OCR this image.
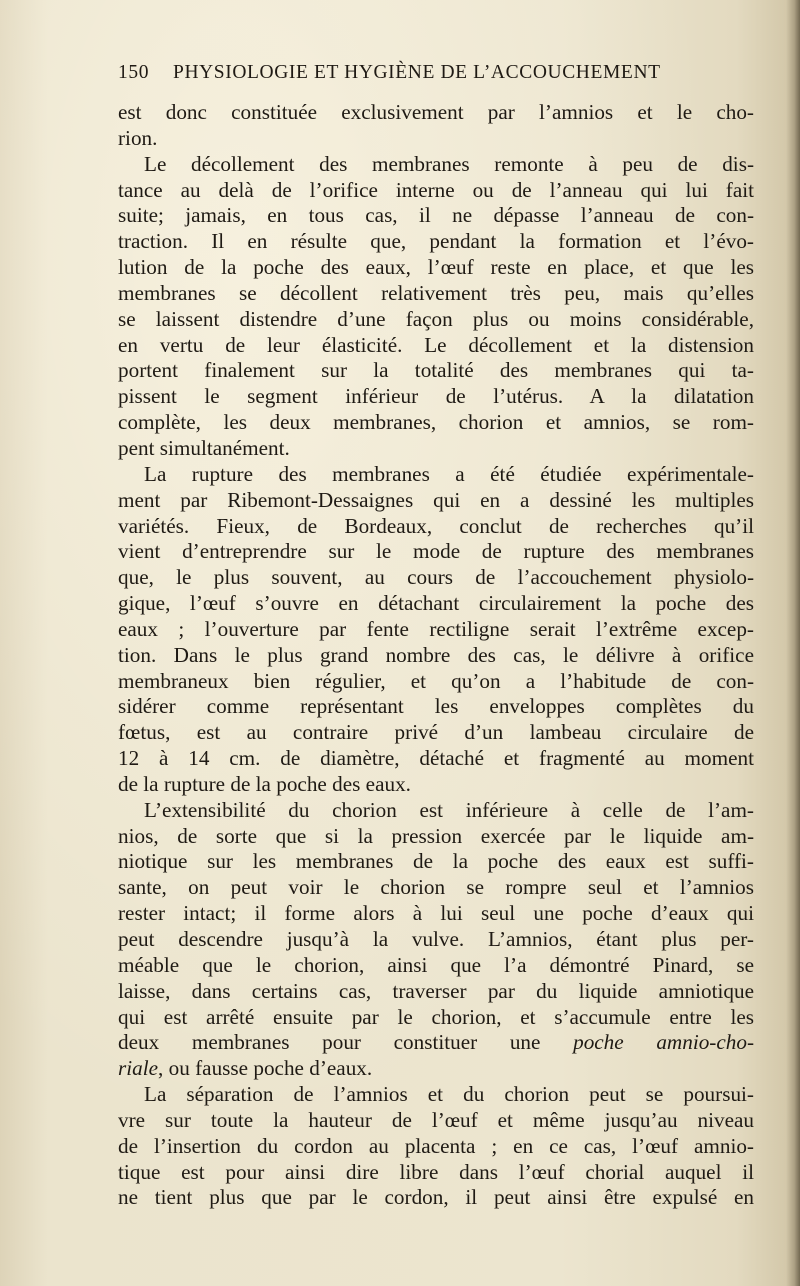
150 PHYSIOLOGIE ET HYGIÈNE DE L’ACCOUCHEMENT
est donc constituée exclusivement par l’amnios et le cho-
rion.
Le décollement des membranes remonte à peu de dis-
tance au delà de l’orifice interne ou de l’anneau qui lui fait
suite; jamais, en tous cas, il ne dépasse l’anneau de con-
traction. Il en résulte que, pendant la formation et l’évo-
lution de la poche des eaux, l’œuf reste en place, et que les
membranes se décollent relativement très peu, mais qu’elles
se laissent distendre d’une façon plus ou moins considérable,
en vertu de leur élasticité. Le décollement et la distension
portent finalement sur la totalité des membranes qui ta-
pissent le segment inférieur de l’utérus. A la dilatation
complète, les deux membranes, chorion et amnios, se rom-
pent simultanément.
La rupture des membranes a été étudiée expérimentale-
ment par Ribemont-Dessaignes qui en a dessiné les multiples
variétés. Fieux, de Bordeaux, conclut de recherches qu’il
vient d’entreprendre sur le mode de rupture des membranes
que, le plus souvent, au cours de l’accouchement physiolo-
gique, l’œuf s’ouvre en détachant circulairement la poche des
eaux ; l’ouverture par fente rectiligne serait l’extrême excep-
tion. Dans le plus grand nombre des cas, le délivre à orifice
membraneux bien régulier, et qu’on a l’habitude de con-
sidérer comme représentant les enveloppes complètes du
fœtus, est au contraire privé d’un lambeau circulaire de
12 à 14 cm. de diamètre, détaché et fragmenté au moment
de la rupture de la poche des eaux.
L’extensibilité du chorion est inférieure à celle de l’am-
nios, de sorte que si la pression exercée par le liquide am-
niotique sur les membranes de la poche des eaux est suffi-
sante, on peut voir le chorion se rompre seul et l’amnios
rester intact; il forme alors à lui seul une poche d’eaux qui
peut descendre jusqu’à la vulve. L’amnios, étant plus per-
méable que le chorion, ainsi que l’a démontré Pinard, se
laisse, dans certains cas, traverser par du liquide amniotique
qui est arrêté ensuite par le chorion, et s’accumule entre les
deux membranes pour constituer une poche amnio-cho-
riale, ou fausse poche d’eaux.
La séparation de l’amnios et du chorion peut se poursui-
vre sur toute la hauteur de l’œuf et même jusqu’au niveau
de l’insertion du cordon au placenta ; en ce cas, l’œuf amnio-
tique est pour ainsi dire libre dans l’œuf chorial auquel il
ne tient plus que par le cordon, il peut ainsi être expulsé en
